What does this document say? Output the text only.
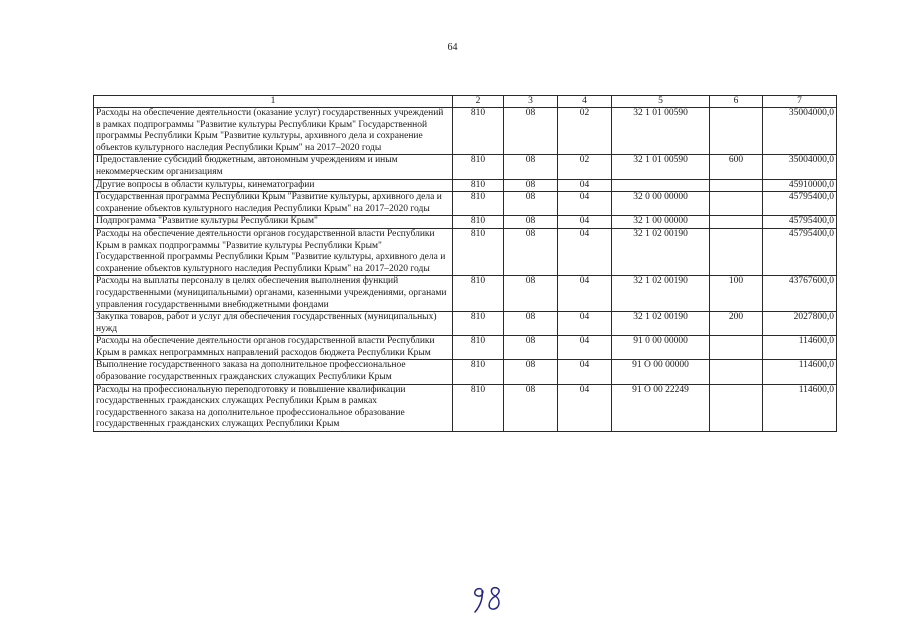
64
1	2	3	4	5	6	7
Расходы на обеспечение деятельности (оказание услуг) государственных учреждений в рамках подпрограммы "Развитие культуры Республики Крым" Государственной программы Республики Крым "Развитие культуры, архивного дела и сохранение объектов культурного наследия Республики Крым" на 2017–2020 годы	810	08	02	32 1 01 00590		35004000,0
Предоставление субсидий бюджетным, автономным учреждениям и иным некоммерческим организациям	810	08	02	32 1 01 00590	600	35004000,0
Другие вопросы в области культуры, кинематографии	810	08	04			45910000,0
Государственная программа Республики Крым "Развитие культуры, архивного дела и сохранение объектов культурного наследия Республики Крым" на 2017–2020 годы	810	08	04	32 0 00 00000		45795400,0
Подпрограмма "Развитие культуры Республики Крым"	810	08	04	32 1 00 00000		45795400,0
Расходы на обеспечение деятельности органов государственной власти Республики Крым в рамках подпрограммы "Развитие культуры Республики Крым" Государственной программы Республики Крым "Развитие культуры, архивного дела и сохранение объектов культурного наследия Республики Крым" на 2017–2020 годы	810	08	04	32 1 02 00190		45795400,0
Расходы на выплаты персоналу в целях обеспечения выполнения функций государственными (муниципальными) органами, казенными учреждениями, органами управления государственными внебюджетными фондами	810	08	04	32 1 02 00190	100	43767600,0
Закупка товаров, работ и услуг для обеспечения государственных (муниципальных) нужд	810	08	04	32 1 02 00190	200	2027800,0
Расходы на обеспечение деятельности органов государственной власти Республики Крым в рамках непрограммных направлений расходов бюджета Республики Крым	810	08	04	91 0 00 00000		114600,0
Выполнение государственного заказа на дополнительное профессиональное образование государственных гражданских служащих Республики Крым	810	08	04	91 О 00 00000		114600,0
Расходы на профессиональную переподготовку и повышение квалификации государственных гражданских служащих Республики Крым в рамках государственного заказа на дополнительное профессиональное образование государственных гражданских служащих Республики Крым	810	08	04	91 О 00 22249		114600,0
